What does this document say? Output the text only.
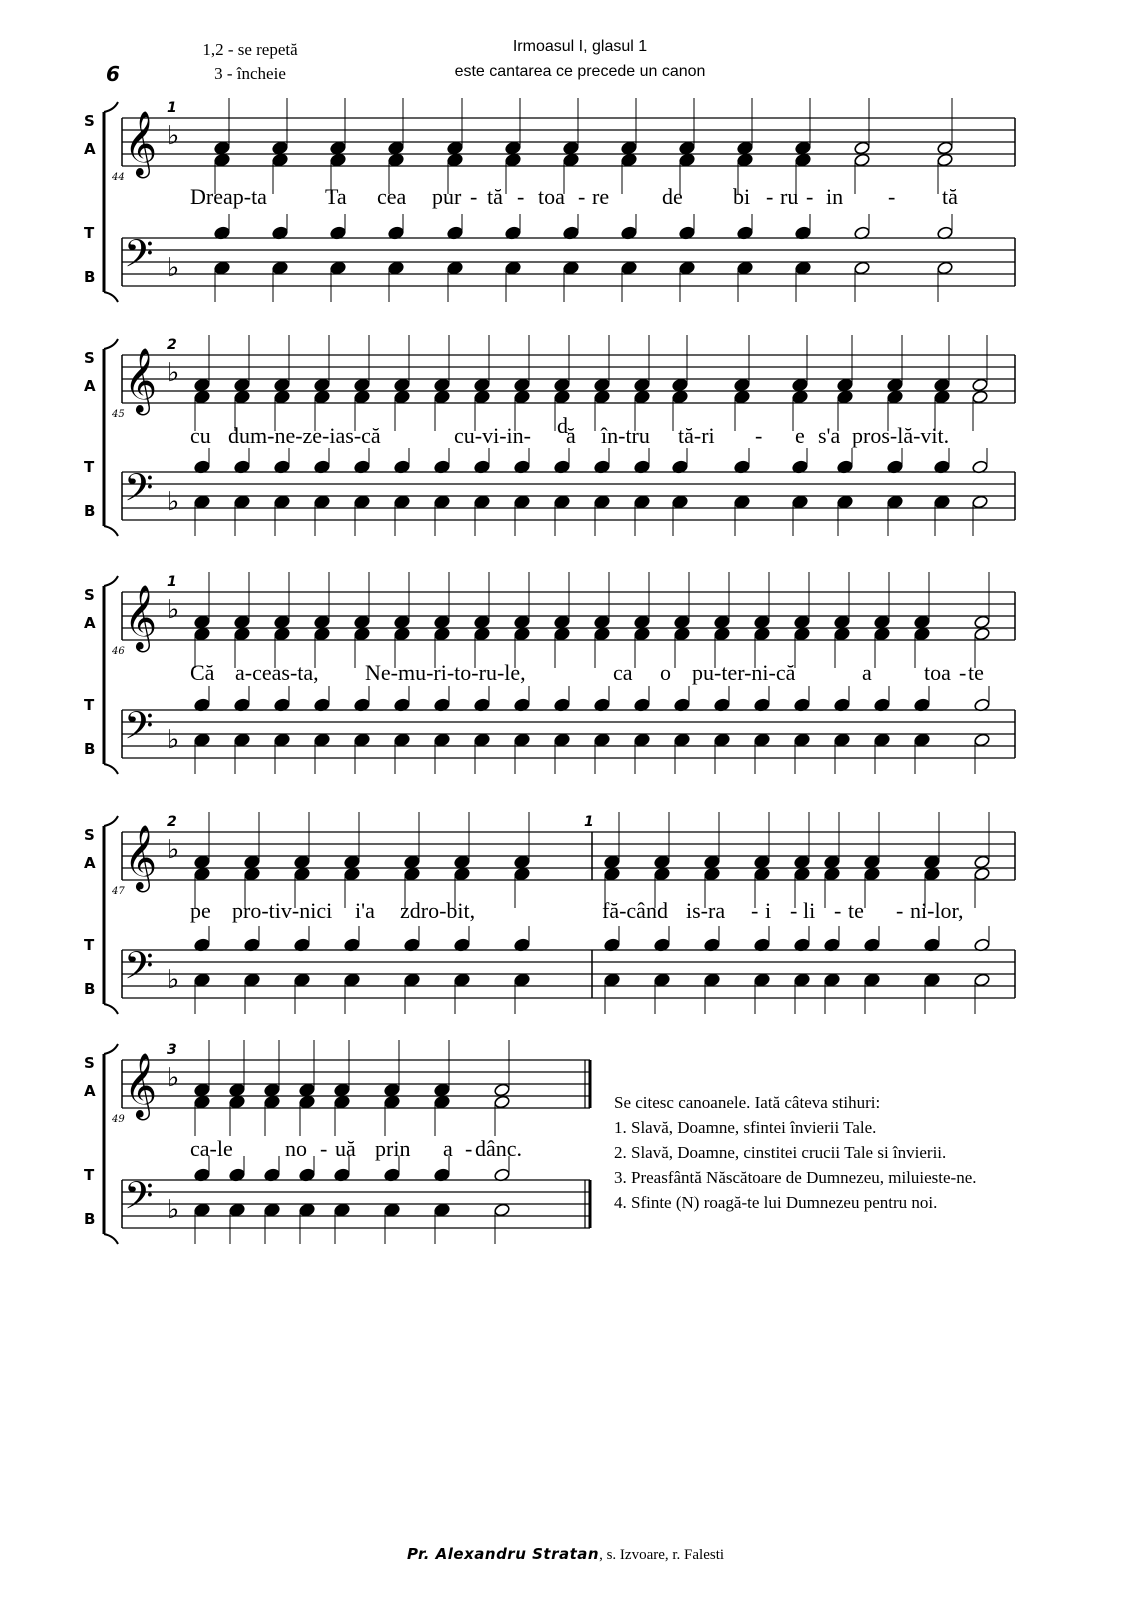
1,2 - se repetă
3 - încheie
6
Irmoasul I, glasul 1
este cantarea ce precede un canon
𝄞
𝄢
♭
♭
S
A
T
B
44
1
Dreap-ta	Ta cea pur - tă - toa - re de bi - ru - in - tă
𝄞
𝄢
♭
♭
S
A
T
B
45
2
cu dum-ne-ze-ias-că	cu-vi-in- d
ă în-tru tă-ri - e s'a pros-lă-vit.
𝄞
𝄢
♭
♭
S
A
T
B
46
1
Că a-ceas-ta, Ne-mu-ri-to-ru-le,	ca o pu-ter-ni-că	a toa - te
𝄞
𝄢
♭
♭
S
A
T
B
47
2	1
pe pro-tiv-nici i'a zdro-bit,	fă-când is-ra - i - li - te - ni-lor,
𝄞
𝄢
♭
♭
S
A
T
B
49
3
ca-le no - uă prin a - dânc.
Se citesc canoanele. Iată câteva stihuri:
1. Slavă, Doamne, sfintei învierii Tale.
2. Slavă, Doamne, cinstitei crucii Tale si învierii.
3. Preasfântă Născătoare de Dumnezeu, miluieste-ne.
4. Sfinte (N) roagă-te lui Dumnezeu pentru noi.
Pr. Alexandru Stratan, s. Izvoare, r. Falesti
